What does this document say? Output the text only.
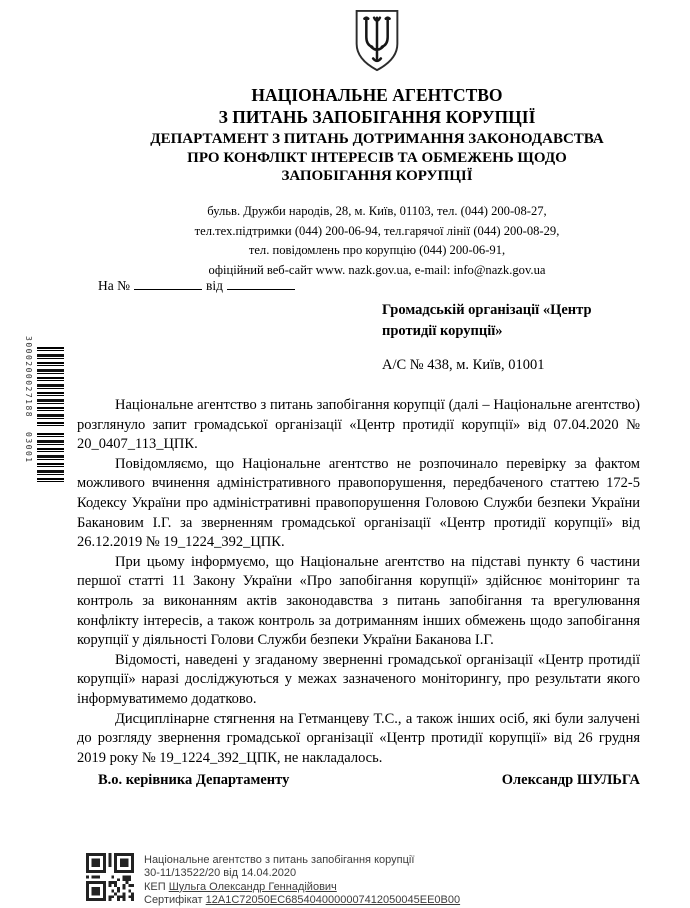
НАЦІОНАЛЬНЕ АГЕНТСТВО
З ПИТАНЬ ЗАПОБІГАННЯ КОРУПЦІЇ
ДЕПАРТАМЕНТ З ПИТАНЬ ДОТРИМАННЯ ЗАКОНОДАВСТВА
ПРО КОНФЛІКТ ІНТЕРЕСІВ ТА ОБМЕЖЕНЬ ЩОДО
ЗАПОБІГАННЯ КОРУПЦІЇ
бульв. Дружби народів, 28, м. Київ, 01103, тел. (044) 200-08-27,
тел.тех.підтримки (044) 200-06-94, тел.гарячої лінії (044) 200-08-29,
тел. повідомлень про корупцію (044) 200-06-91,
офіційний веб-сайт www. nazk.gov.ua, e-mail: info@nazk.gov.ua
На №	від
3000200027188
03001
Громадській організації «Центр протидії корупції»
А/С № 438, м. Київ, 01001

Національне агентство з питань запобігання корупції (далі – Національне агентство) розглянуло запит громадської організації «Центр протидії корупції» від 07.04.2020 № 20_0407_113_ЦПК.

Повідомляємо, що Національне агентство не розпочинало перевірку за фактом можливого вчинення адміністративного правопорушення, передбаченого статтею 172-5 Кодексу України про адміністративні правопорушення Головою Служби безпеки України Бакановим І.Г. за зверненням громадської організації «Центр протидії корупції» від 26.12.2019 № 19_1224_392_ЦПК.

При цьому інформуємо, що Національне агентство на підставі пункту 6 частини першої статті 11 Закону України «Про запобігання корупції» здійснює моніторинг та контроль за виконанням актів законодавства з питань запобігання та врегулювання конфлікту інтересів, а також контроль за дотриманням інших обмежень щодо запобігання корупції у діяльності Голови Служби безпеки України Баканова І.Г.

Відомості, наведені у згаданому зверненні громадської організації «Центр протидії корупції» наразі досліджуються у межах зазначеного моніторингу, про результати якого інформуватимемо додатково.

Дисциплінарне стягнення на Гетманцеву Т.С., а також інших осіб, які були залучені до розгляду звернення громадської організації «Центр протидії корупції» від 26 грудня 2019 року № 19_1224_392_ЦПК, не накладалось.

В.о. керівника Департаменту	Олександр ШУЛЬГА
Національне агентство з питань запобігання корупції
30-11/13522/20 від 14.04.2020
КЕП Шульга Олександр Геннадійович
Сертифікат 12A1C72050EC6854040000007412050045EE0B00
